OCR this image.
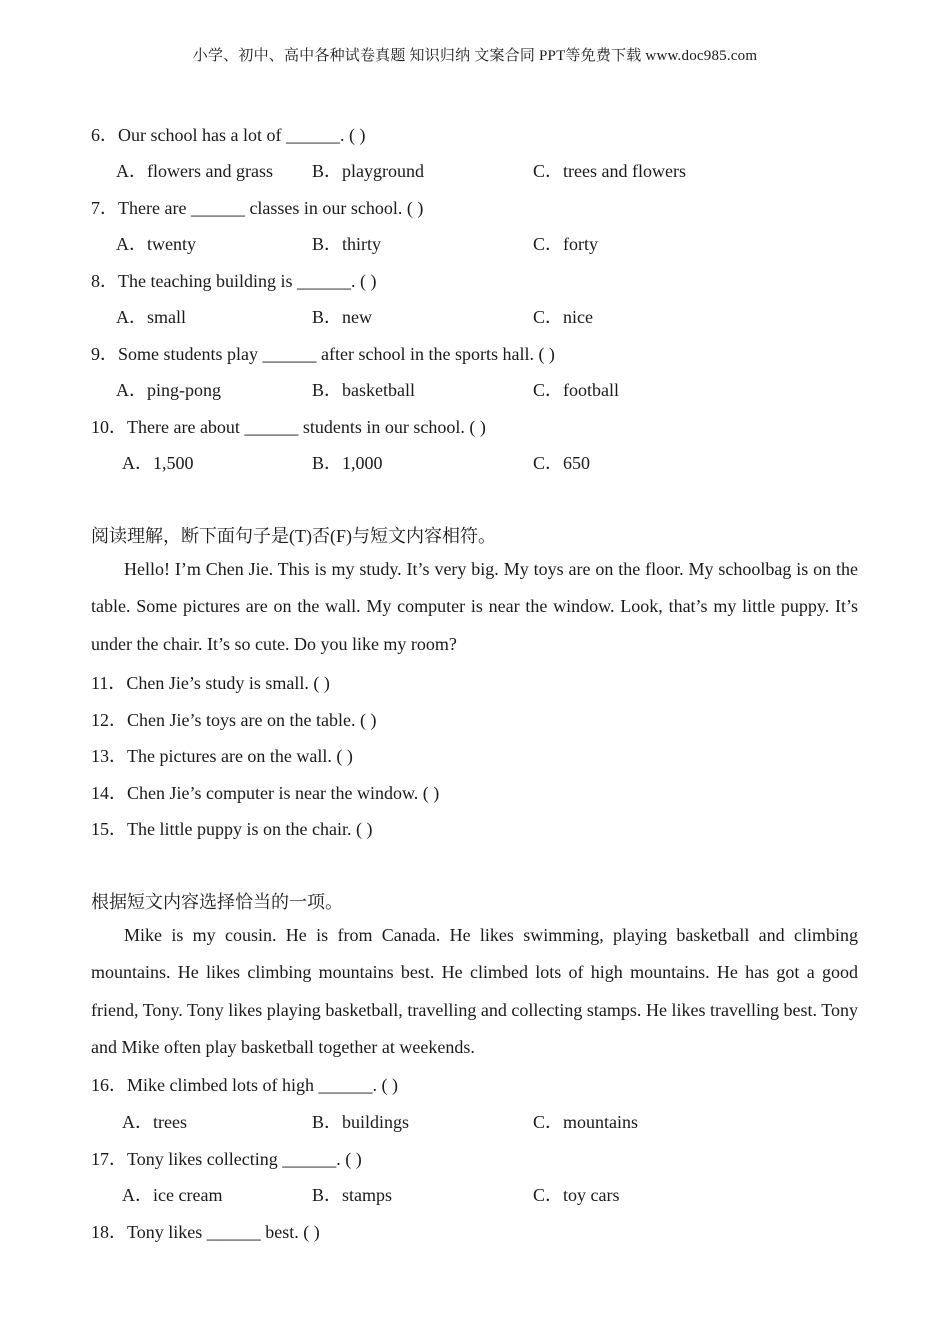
小学、初中、高中各种试卷真题 知识归纳 文案合同 PPT等免费下载 www.doc985.com
6．Our school has a lot of ______. ( )
A．flowers and grass B．playground	C．trees and flowers
7．There are ______ classes in our school. ( )
A．twenty	B．thirty	C．forty
8．The teaching building is ______. ( )
A．small	B．new	C．nice
9．Some students play ______ after school in the sports hall. ( )
A．ping-pong	B．basketball	C．football
10．There are about ______ students in our school. ( )
A．1,500	B．1,000	C．650
阅读理解，断下面句子是(T)否(F)与短文内容相符。
Hello! I’m Chen Jie. This is my study. It’s very big. My toys are on the floor. My schoolbag is on the table. Some pictures are on the wall. My computer is near the window. Look, that’s my little puppy. It’s under the chair. It’s so cute. Do you like my room?
11．Chen Jie’s study is small. ( )
12．Chen Jie’s toys are on the table. ( )
13．The pictures are on the wall. ( )
14．Chen Jie’s computer is near the window. ( )
15．The little puppy is on the chair. ( )
根据短文内容选择恰当的一项。
Mike is my cousin. He is from Canada. He likes swimming, playing basketball and climbing mountains. He likes climbing mountains best. He climbed lots of high mountains. He has got a good friend, Tony. Tony likes playing basketball, travelling and collecting stamps. He likes travelling best. Tony and Mike often play basketball together at weekends.
16．Mike climbed lots of high ______. ( )
A．trees	B．buildings	C．mountains
17．Tony likes collecting ______. ( )
A．ice cream	B．stamps	C．toy cars
18．Tony likes ______ best. ( )
